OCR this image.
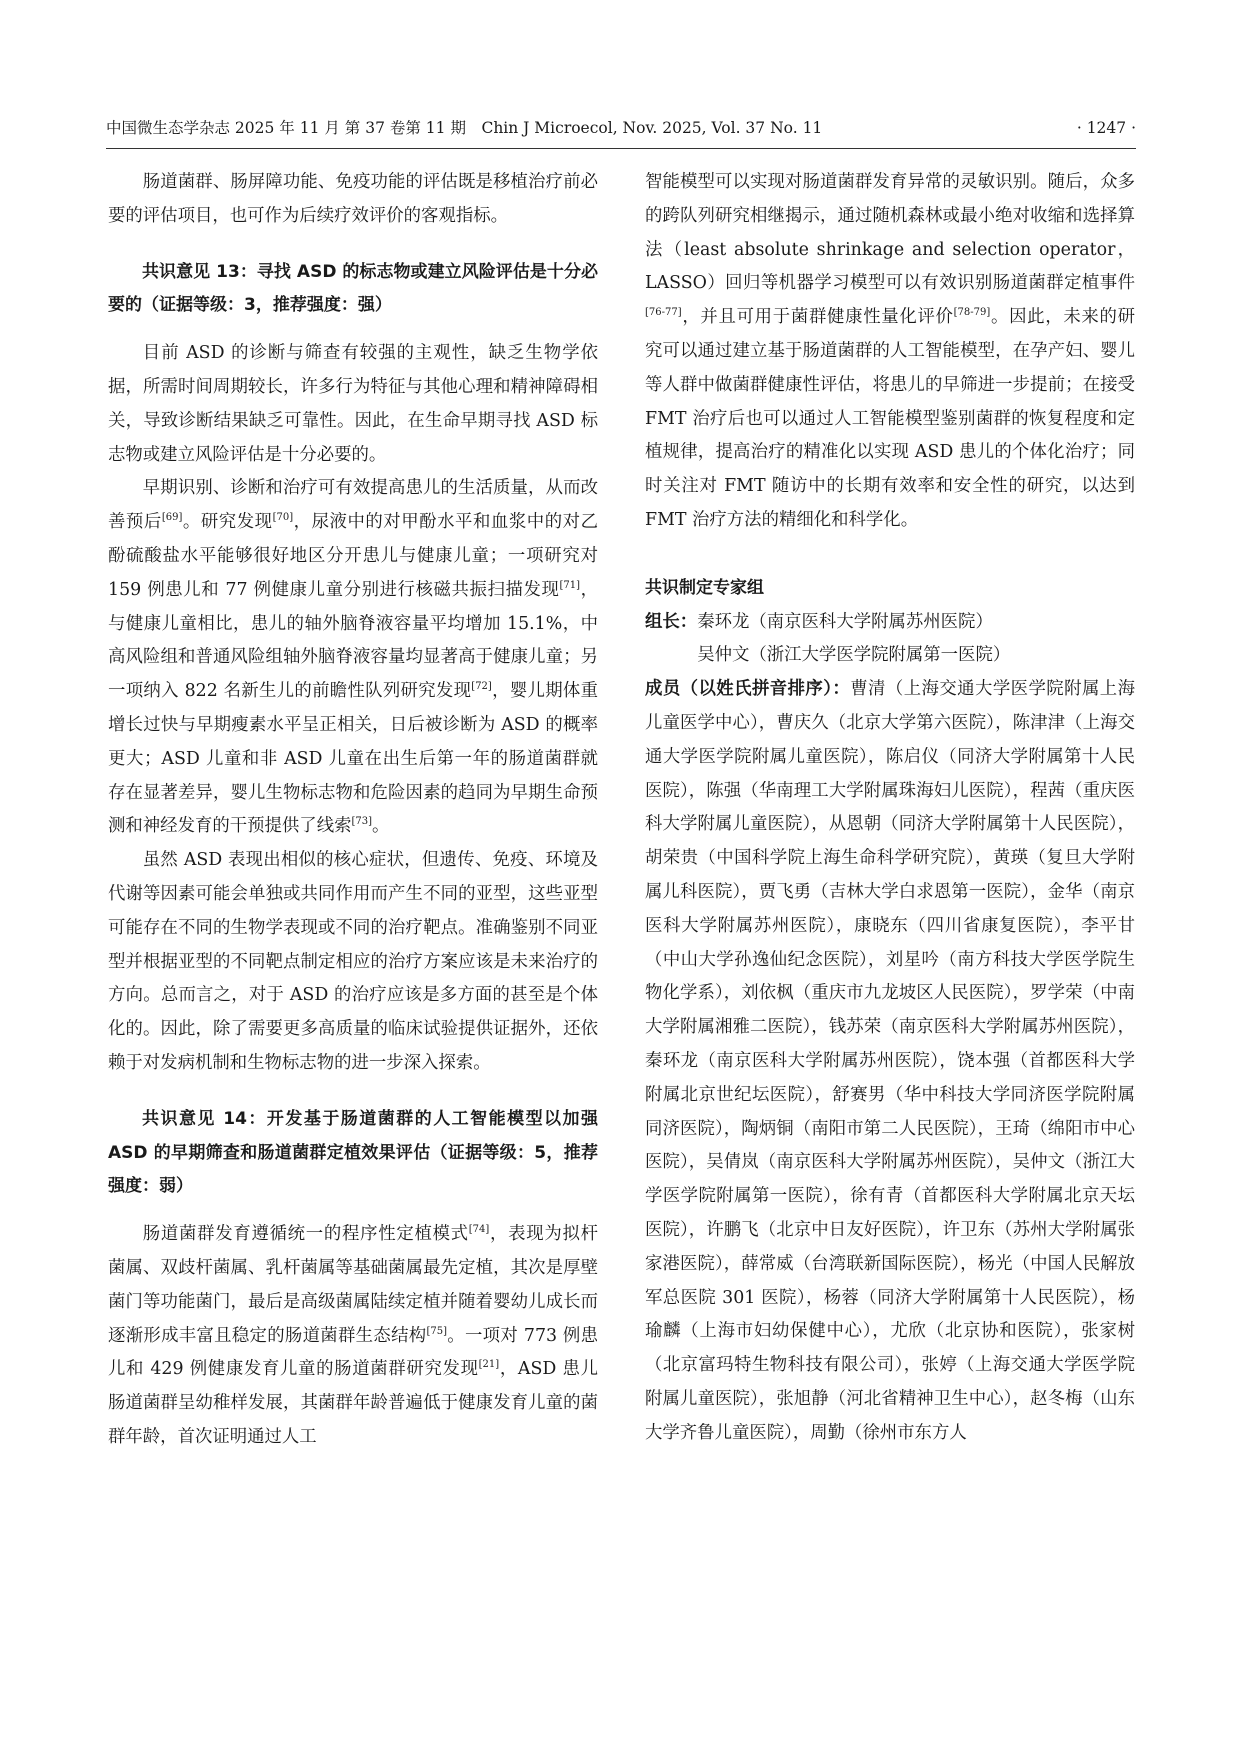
中国微生态学杂志 2025 年 11 月 第 37 卷第 11 期　Chin J Microecol, Nov. 2025, Vol. 37 No. 11	· 1247 ·

肠道菌群、肠屏障功能、免疫功能的评估既是移植治疗前必要的评估项目，也可作为后续疗效评价的客观指标。

共识意见 13：寻找 ASD 的标志物或建立风险评估是十分必要的（证据等级：3，推荐强度：强）

目前 ASD 的诊断与筛查有较强的主观性，缺乏生物学依据，所需时间周期较长，许多行为特征与其他心理和精神障碍相关，导致诊断结果缺乏可靠性。因此，在生命早期寻找 ASD 标志物或建立风险评估是十分必要的。

早期识别、诊断和治疗可有效提高患儿的生活质量，从而改善预后[69]。研究发现[70]，尿液中的对甲酚水平和血浆中的对乙酚硫酸盐水平能够很好地区分开患儿与健康儿童；一项研究对 159 例患儿和 77 例健康儿童分别进行核磁共振扫描发现[71]，与健康儿童相比，患儿的轴外脑脊液容量平均增加 15.1%，中高风险组和普通风险组轴外脑脊液容量均显著高于健康儿童；另一项纳入 822 名新生儿的前瞻性队列研究发现[72]，婴儿期体重增长过快与早期瘦素水平呈正相关，日后被诊断为 ASD 的概率更大；ASD 儿童和非 ASD 儿童在出生后第一年的肠道菌群就存在显著差异，婴儿生物标志物和危险因素的趋同为早期生命预测和神经发育的干预提供了线索[73]。

虽然 ASD 表现出相似的核心症状，但遗传、免疫、环境及代谢等因素可能会单独或共同作用而产生不同的亚型，这些亚型可能存在不同的生物学表现或不同的治疗靶点。准确鉴别不同亚型并根据亚型的不同靶点制定相应的治疗方案应该是未来治疗的方向。总而言之，对于 ASD 的治疗应该是多方面的甚至是个体化的。因此，除了需要更多高质量的临床试验提供证据外，还依赖于对发病机制和生物标志物的进一步深入探索。

共识意见 14：开发基于肠道菌群的人工智能模型以加强 ASD 的早期筛查和肠道菌群定植效果评估（证据等级：5，推荐强度：弱）

肠道菌群发育遵循统一的程序性定植模式[74]，表现为拟杆菌属、双歧杆菌属、乳杆菌属等基础菌属最先定植，其次是厚壁菌门等功能菌门，最后是高级菌属陆续定植并随着婴幼儿成长而逐渐形成丰富且稳定的肠道菌群生态结构[75]。一项对 773 例患儿和 429 例健康发育儿童的肠道菌群研究发现[21]，ASD 患儿肠道菌群呈幼稚样发展，其菌群年龄普遍低于健康发育儿童的菌群年龄，首次证明通过人工

智能模型可以实现对肠道菌群发育异常的灵敏识别。随后，众多的跨队列研究相继揭示，通过随机森林或最小绝对收缩和选择算法（least absolute shrinkage and selection operator，LASSO）回归等机器学习模型可以有效识别肠道菌群定植事件[76-77]，并且可用于菌群健康性量化评价[78-79]。因此，未来的研究可以通过建立基于肠道菌群的人工智能模型，在孕产妇、婴儿等人群中做菌群健康性评估，将患儿的早筛进一步提前；在接受 FMT 治疗后也可以通过人工智能模型鉴别菌群的恢复程度和定植规律，提高治疗的精准化以实现 ASD 患儿的个体化治疗；同时关注对 FMT 随访中的长期有效率和安全性的研究，以达到 FMT 治疗方法的精细化和科学化。

共识制定专家组

组长：秦环龙（南京医科大学附属苏州医院）

吴仲文（浙江大学医学院附属第一医院）

成员（以姓氏拼音排序）：曹清（上海交通大学医学院附属上海儿童医学中心），曹庆久（北京大学第六医院），陈津津（上海交通大学医学院附属儿童医院），陈启仪（同济大学附属第十人民医院），陈强（华南理工大学附属珠海妇儿医院），程茜（重庆医科大学附属儿童医院），从恩朝（同济大学附属第十人民医院），胡荣贵（中国科学院上海生命科学研究院），黄瑛（复旦大学附属儿科医院），贾飞勇（吉林大学白求恩第一医院），金华（南京医科大学附属苏州医院），康晓东（四川省康复医院），李平甘（中山大学孙逸仙纪念医院），刘星吟（南方科技大学医学院生物化学系），刘依枫（重庆市九龙坡区人民医院），罗学荣（中南大学附属湘雅二医院），钱苏荣（南京医科大学附属苏州医院），秦环龙（南京医科大学附属苏州医院），饶本强（首都医科大学附属北京世纪坛医院），舒赛男（华中科技大学同济医学院附属同济医院），陶炳铜（南阳市第二人民医院），王琦（绵阳市中心医院），吴倩岚（南京医科大学附属苏州医院），吴仲文（浙江大学医学院附属第一医院），徐有青（首都医科大学附属北京天坛医院），许鹏飞（北京中日友好医院），许卫东（苏州大学附属张家港医院），薛常威（台湾联新国际医院），杨光（中国人民解放军总医院 301 医院），杨蓉（同济大学附属第十人民医院），杨瑜麟（上海市妇幼保健中心），尤欣（北京协和医院），张家树（北京富玛特生物科技有限公司），张婷（上海交通大学医学院附属儿童医院），张旭静（河北省精神卫生中心），赵冬梅（山东大学齐鲁儿童医院），周勤（徐州市东方人
